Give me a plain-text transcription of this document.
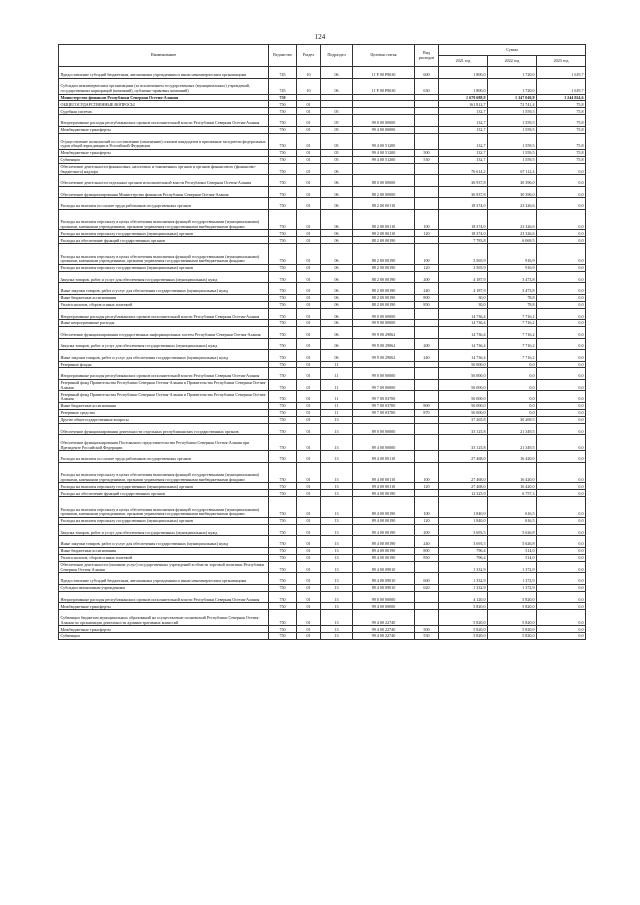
124
Наименование	Ведомство	Раздел	Подраздел	Целевая статья	Вид расходов	Сумма		
						2021 год	2022 год	2023 год
Предоставление субсидий бюджетным, автономным учреждениям и иным некоммерческим организациям	745	10	06	11 Р 00 Р8630	600	1 800,0	1 720,0	1 619,7
Субсидии некоммерческим организациям (за исключением государственных (муниципальных) учреждений, государственных корпораций (компаний), публично-правовых компаний)	745	10	06	11 Р 00 Р8630	630	1 800,0	1 720,0	1 619,7
Министерство финансов Республики Северная Осетия-Алания	750					1 679 688,9	1 347 040,8	1 244 024,6
ОБЩЕГОСУДАРСТВЕННЫЕ ВОПРОСЫ	750	01				161 812,7	72 741,4	75,8
Судебная система	750	01	05			132,7	1 559,5	75,8
Непрограммные расходы республиканских органов исполнительной власти Республики Северная Осетия-Алания	750	01	05	99 0 00 00000		132,7	1 559,5	75,8
Межбюджетные трансферты	750	01	05	99 4 00 00000		132,7	1 559,5	75,8
Осуществление полномочий по составлению (изменению) списков кандидатов в присяжные заседатели федеральных судов общей юрисдикции в Российской Федерации	750	01	05	99 4 00 51200		132,7	1 559,5	75,8
Межбюджетные трансферты	750	01	05	99 4 00 51200	500	132,7	1 559,5	75,8
Субвенции	750	01	05	99 4 00 51200	530	132,7	1 559,5	75,8
Обеспечение деятельности финансовых, налоговых и таможенных органов и органов финансового (финансово-бюджетного) надзора	750	01	06			76 614,2	67 112,4	0,0
Обеспечение деятельности отдельных органов исполнительной власти Республики Северная Осетия-Алания	750	01	06	88 0 00 00000		36 937,8	30 396,0	0,0
Обеспечение функционирования Министерства финансов Республики Северная Осетия-Алания	750	01	06	88 2 00 00000		36 937,8	30 396,0	0,0
Расходы на выплаты по оплате труда работников государственных органов	750	01	06	88 2 00 00110		18 374,0	23 326,6	0,0
Расходы на выплаты персоналу в целях обеспечения выполнения функций государственными (муниципальными) органами, казенными учреждениями, органами управления государственными внебюджетными фондами	750	01	06	88 2 00 00110	100	18 374,0	23 326,6	0,0
Расходы на выплаты персоналу государственных (муниципальных) органов	750	01	06	88 2 00 00110	120	18 374,0	23 326,6	0,0
Расходы на обеспечение функций государственных органов	750	01	06	88 2 00 00190		7 783,8	6 069,5	0,0
Расходы на выплаты персоналу в целях обеспечения выполнения функций государственными (муниципальными) органами, казенными учреждениями, органами управления государственными внебюджетными фондами	750	01	06	88 2 00 00190	100	3 565,9	916,9	0,0
Расходы на выплаты персоналу государственных (муниципальных) органов	750	01	06	88 2 00 00190	120	3 565,9	916,9	0,0
Закупка товаров, работ и услуг для обеспечения государственных (муниципальных) нужд	750	01	06	88 2 00 00190	200	4 187,9	3 473,8	0,0
Иные закупки товаров, работ и услуг для обеспечения государственных (муниципальных) нужд	750	01	06	88 2 00 00190	240	4 187,9	3 473,8	0,0
Иные бюджетные ассигнования	750	01	06	88 2 00 00190	800	30,0	78,8	0,0
Уплата налогов, сборов и иных платежей	750	01	06	88 2 00 00190	850	30,0	78,8	0,0
Непрограммные расходы республиканских органов исполнительной власти Республики Северная Осетия-Алания	750	01	06	99 0 00 00000		14 736,4	7 716,2	0,0
Иные непрограммные расходы	750	01	06	99 9 00 00000		14 736,4	7 716,2	0,0
Обеспечение функционирования государственных информационных систем Республики Северная Осетия-Алания	750	01	06	99 9 00 29062		14 736,4	7 716,2	0,0
Закупка товаров, работ и услуг для обеспечения государственных (муниципальных) нужд	750	01	06	99 9 00 29062	200	14 736,4	7 716,2	0,0
Иные закупки товаров, работ и услуг для обеспечения государственных (муниципальных) нужд	750	01	06	99 9 00 29062	240	14 736,4	7 716,2	0,0
Резервные фонды	750	01	11			56 000,0	0,0	0,0
Непрограммные расходы республиканских органов исполнительной власти Республики Северная Осетия-Алания	750	01	11	99 0 00 00000		56 000,0	0,0	0,0
Резервный фонд Правительства Республики Северная Осетия-Алания и Правительства Республики Северная Осетия-Алания	750	01	11	99 7 00 00000		56 000,0	0,0	0,0
Резервный фонд Правительства Республики Северная Осетия-Алания и Правительства Республики Северная Осетия-Алания	750	01	11	99 7 00 03700		56 000,0	0,0	0,0
Иные бюджетные ассигнования	750	01	11	99 7 00 03700	800	56 000,0	0,0	0,0
Резервные средства	750	01	11	99 7 00 03700	870	56 000,0	0,0	0,0
Другие общегосударственные вопросы	750	01	13			37 265,8	30 269,5	0,0
Обеспечение функционирования деятельности отдельных республиканских государственных органов	750	01	13	89 0 00 00000		33 125,8	21 349,5	0,0
Обеспечение функционирования Постоянного представительства Республики Северная Осетия-Алания при Президенте Российской Федерации	750	01	13	89 4 00 00000		33 125,8	21 349,5	0,0
Расходы на выплаты по оплате труда работников государственных органов	750	01	13	89 4 00 00110		27 468,0	16 420,0	0,0
Расходы на выплаты персоналу в целях обеспечения выполнения функций государственными (муниципальными) органами, казенными учреждениями, органами управления государственными внебюджетными фондами	750	01	13	89 4 00 00110	100	27 468,0	16 420,0	0,0
Расходы на выплаты персоналу государственных (муниципальных) органов	750	01	13	89 4 00 00110	120	27 468,0	16 420,0	0,0
Расходы на обеспечение функций государственных органов	750	01	13	89 4 00 00190		12 325,9	6 757,3	0,0
Расходы на выплаты персоналу в целях обеспечения выполнения функций государственными (муниципальными) органами, казенными учреждениями, органами управления государственными внебюджетными фондами	750	01	13	89 4 00 00190	100	1 840,0	616,5	0,0
Расходы на выплаты персоналу государственных (муниципальных) органов	750	01	13	89 4 00 00190	120	1 840,0	616,5	0,0
Закупка товаров, работ и услуг для обеспечения государственных (муниципальных) нужд	750	01	13	89 4 00 00190	200	3 693,5	5 626,8	0,0
Иные закупки товаров, работ и услуг для обеспечения государственных (муниципальных) нужд	750	01	13	89 4 00 00190	240	3 693,5	5 626,8	0,0
Иные бюджетные ассигнования	750	01	13	89 4 00 00190	800	796,4	514,0	0,0
Уплата налогов, сборов и иных платежей	750	01	13	89 4 00 00190	850	796,4	514,0	0,0
Обеспечение деятельности (оказание услуг) государственных учреждений в области торговой политики Республики Северная Осетия-Алания	750	01	13	89 4 00 09010		1 332,9	1 372,9	0,0
Предоставление субсидий бюджетным, автономным учреждениям и иным некоммерческим организациям	750	01	13	89 4 00 09010	600	1 332,9	1 372,9	0,0
Субсидии автономным учреждениям	750	01	13	89 4 00 09010	620	1 332,9	1 372,9	0,0
Непрограммные расходы республиканских органов исполнительной власти Республики Северная Осетия-Алания	750	01	13	99 0 00 00000		4 120,0	5 820,0	0,0
Межбюджетные трансферты	750	01	13	99 4 00 00000		5 820,0	5 820,0	0,0
Субвенции бюджетам муниципальных образований на осуществление полномочий Республики Северная Осетия-Алания по организации деятельности административных комиссий	750	01	13	99 4 00 22740		5 820,0	5 820,0	0,0
Межбюджетные трансферты	750	01	13	99 4 00 22740	500	5 820,0	5 820,0	0,0
Субвенции	750	01	13	99 4 00 22740	530	5 820,0	5 820,0	0,0
